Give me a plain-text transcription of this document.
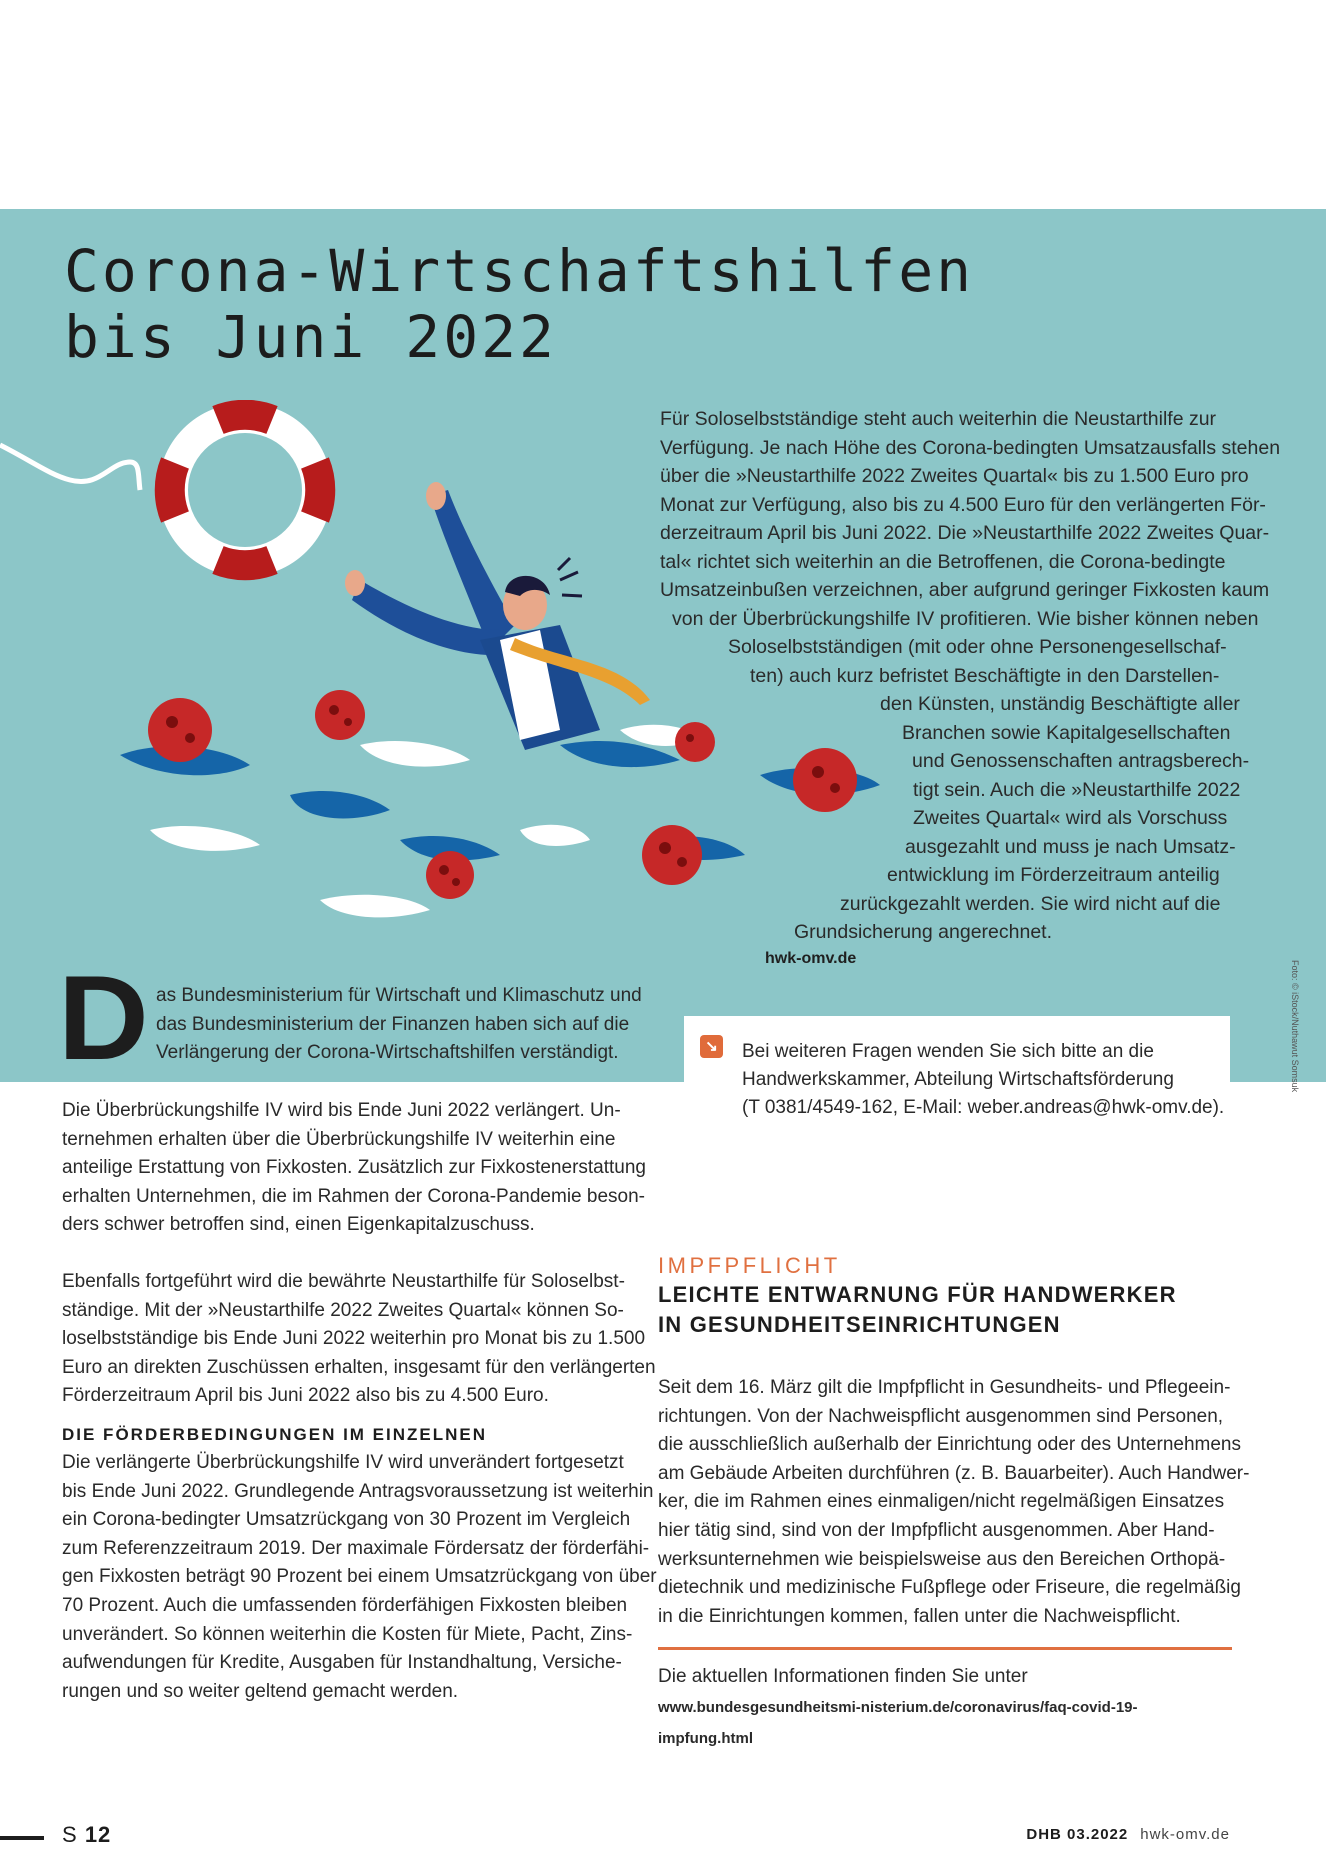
Corona-Wirtschaftshilfen
bis Juni 2022
Für Soloselbstständige steht auch weiterhin die Neustarthilfe zur
Verfügung. Je nach Höhe des Corona-bedingten Umsatzausfalls stehen
über die »Neustarthilfe 2022 Zweites Quartal« bis zu 1.500 Euro pro
Monat zur Verfügung, also bis zu 4.500 Euro für den verlängerten För-
derzeitraum April bis Juni 2022. Die »Neustarthilfe 2022 Zweites Quar-
tal« richtet sich weiterhin an die Betroffenen, die Corona-bedingte
Umsatzeinbußen verzeichnen, aber aufgrund geringer Fixkosten kaum
von der Überbrückungshilfe IV profitieren. Wie bisher können neben
Soloselbstständigen (mit oder ohne Personengesellschaf-
ten) auch kurz befristet Beschäftigte in den Darstellen-
den Künsten, unständig Beschäftigte aller
Branchen sowie Kapitalgesellschaften
und Genossenschaften antragsberech-
tigt sein. Auch die »Neustarthilfe 2022
Zweites Quartal« wird als Vorschuss
ausgezahlt und muss je nach Umsatz-
entwicklung im Förderzeitraum anteilig
zurückgezahlt werden. Sie wird nicht auf die
Grundsicherung angerechnet.
hwk-omv.de
D as Bundesministerium für Wirtschaft und Klimaschutz und
das Bundesministerium der Finanzen haben sich auf die
Verlängerung der Corona-Wirtschaftshilfen verständigt.	Foto: © iStock/Nuthawut Somsuk
↘ Bei weiteren Fragen wenden Sie sich bitte an die
Handwerkskammer, Abteilung Wirtschaftsförderung
(T 0381/4549-162, E-Mail: weber.andreas@hwk-omv.de).
Die Überbrückungshilfe IV wird bis Ende Juni 2022 verlängert. Un-
ternehmen erhalten über die Überbrückungshilfe IV weiterhin eine
anteilige Erstattung von Fixkosten. Zusätzlich zur Fixkostenerstattung
erhalten Unternehmen, die im Rahmen der Corona-Pandemie beson-
ders schwer betroffen sind, einen Eigenkapitalzuschuss.
Ebenfalls fortgeführt wird die bewährte Neustarthilfe für Soloselbst-
ständige. Mit der »Neustarthilfe 2022 Zweites Quartal« können So-
loselbstständige bis Ende Juni 2022 weiterhin pro Monat bis zu 1.500
Euro an direkten Zuschüssen erhalten, insgesamt für den verlängerten
Förderzeitraum April bis Juni 2022 also bis zu 4.500 Euro.
DIE FÖRDERBEDINGUNGEN IM EINZELNEN
Die verlängerte Überbrückungshilfe IV wird unverändert fortgesetzt
bis Ende Juni 2022. Grundlegende Antragsvoraussetzung ist weiterhin
ein Corona-bedingter Umsatzrückgang von 30 Prozent im Vergleich
zum Referenzzeitraum 2019. Der maximale Fördersatz der förderfähi-
gen Fixkosten beträgt 90 Prozent bei einem Umsatzrückgang von über
70 Prozent. Auch die umfassenden förderfähigen Fixkosten bleiben
unverändert. So können weiterhin die Kosten für Miete, Pacht, Zins-
aufwendungen für Kredite, Ausgaben für Instandhaltung, Versiche-
rungen und so weiter geltend gemacht werden.
IMPFPFLICHT
LEICHTE ENTWARNUNG FÜR HANDWERKER
IN GESUNDHEITSEINRICHTUNGEN
Seit dem 16. März gilt die Impfpflicht in Gesundheits- und Pflegeein-
richtungen. Von der Nachweispflicht ausgenommen sind Personen,
die ausschließlich außerhalb der Einrichtung oder des Unternehmens
am Gebäude Arbeiten durchführen (z. B. Bauarbeiter). Auch Handwer-
ker, die im Rahmen eines einmaligen/nicht regelmäßigen Einsatzes
hier tätig sind, sind von der Impfpflicht ausgenommen. Aber Hand-
werksunternehmen wie beispielsweise aus den Bereichen Orthopä-
dietechnik und medizinische Fußpflege oder Friseure, die regelmäßig
in die Einrichtungen kommen, fallen unter die Nachweispflicht.
Die aktuellen Informationen finden Sie unter www.bundesgesundheitsmi-nisterium.de/coronavirus/faq-covid-19-impfung.html
S 12	DHB 03.2022 hwk-omv.de
